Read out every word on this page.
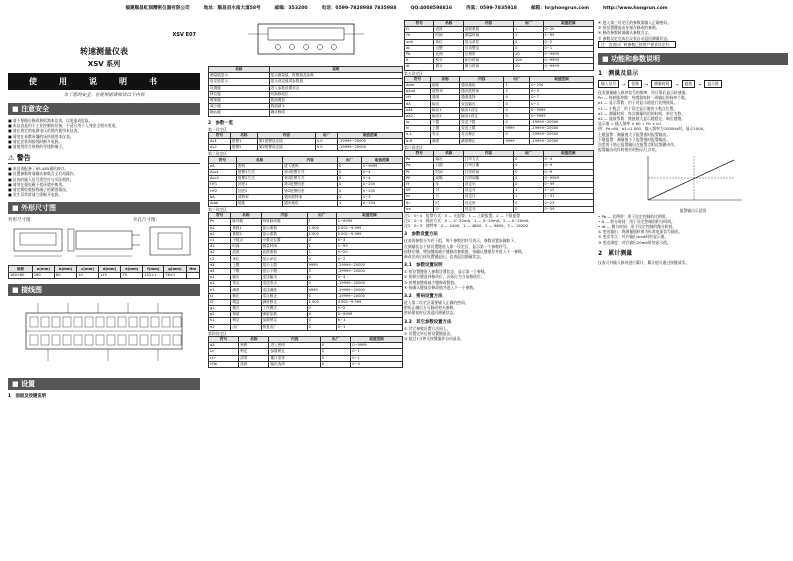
福建顺昌虹润精密仪器有限公司	地址：顺昌县水南大道58号	邮编：353200	电话：0599-7828988 7835988	QQ:4008598816	传真：0599-7835918	邮箱：hr@hongrun.com	http://www.hongrun.com
XSV E07
转速测量仪表
XSV 系列
使用说明书
为了您的安全，在使用前请阅读以下内容
■ 注意安全
■ 请不要擅自修改和拆卸本仪表，以免造成危险。
■ 本仪表是用于工业控制的设备，不适合用于人身安全相关用途。
■ 请在规定的电源电压范围内使用本仪表。
■ 请勿在易燃易爆的场所使用本仪表。
■ 请在安装和接线时断开电源。
■ 请使用符合规格的导线和端子。
⚠ 警告
■ 本仪表配备了RS-485通讯接口。
■ 设置参数时请确认参数含义后再操作。
■ 仪表的输入信号类型应与实际相符。
■ 请勿在强电磁干扰环境中使用。
■ 请定期检查接线端子的紧固情况。
■ 发生异常时请立即断开电源。
■ 外形尺寸图
外形尺寸图：	开孔尺寸图：
规格	a(mm)	b(mm)	c(mm)	d(mm)	e(mm)	f(mm)	g(mm)	Hm
160×80	160	80	10	115	75	152±1	76±1	
■ 接线图
■ 设置
1　面板及按键说明
名称	说明
测量值显示	显示测量值、报警值及参数
设定值显示	显示设定值或参数值
设置键	进入参数设置状态
移位键	切换修改位
增加键	数值增加
减少键	数值减少
确认键	确认修改
2　参数一览
第一设定区
符号	名称	内容	出厂	取值范围
AL1	报警1	第1报警设定值	0.0	-19999~20000
AL2	报警2	第2报警设定值	0.0	-19999~20000
第二设定区
符号	名称	内容	出厂	取值范围
oA	密码	进入密码	0	0~9999
ALo1	报警1方式	第1报警方式	0	0~4
ALo2	报警2方式	第2报警方式	0	0~4
HY1	回差1	第1报警回差	0	0~200
HY2	回差2	第2报警回差	0	0~200
bA	波特率	通讯波特率	2	0~3
Addr	地址	通讯地址	1	0~254
第三设定区
符号	名称	内容	出厂	取值范围
Pn	脉冲数	每转脉冲数	1	1~9999
b1	系数1	显示系数	1.000	0.001~9.999
b2	系数2	显示系数	1.000	0.001~9.999
c1	小数点	小数点位置	0	0~3
d1	时间	测量时间	1	1~99
d2	滤波	滤波系数	1	0~20
c2	单位	显示单位	0	0~2
d3	上限	显示上限	9999	-19999~20000
d4	下限	显示下限	0	-19999~20000
e1	输出	变送输出	0	0~3
e2	零点	变送零点	0	-19999~20000
e3	满度	变送满度	9999	-19999~20000
f1	修正	零点修正	0	-19999~20000
f2	增益	满度修正	1.000	0.001~9.999
g1	模式	工作模式	0	0~2
g2	保留	保留参数	0	0~9999
h1	锁定	参数锁定	0	0~1
h2	出厂	恢复出厂	0	0~1
第四设定区
符号	名称	内容	出厂	取值范围
oA	密码	进入密码	0	0~9999
Lc	锁定	参数锁定	0	0~1
cLr	清零	累计清零	0	0~1
cHo	选择	输出选择	0	0~3
符号	名称	内容	出厂	取值范围
Fi	滤波	滤波系数	1	0~20
Fir	时间	测量时间	1	1~99
unit	单位	显示单位	0	0~2
At	自整	自动整定	0	0~1
Pb	比例	比例带	10	0~9999
It	积分	积分时间	100	0~9999
dt	微分	微分时间	20	0~9999
第五设定区
符号	名称	内容	出厂	取值范围
Addr	地址	通讯地址	1	0~254
bAud	波特率	通讯波特率	2	0~3
cH	通道	通道选择	0	0~7
dA	输出	变送输出	0	0~3
oA1	输出1	输出1设定	0	0~9999
oA2	输出2	输出2设定	0	0~9999
lo	下限	变送下限	0	-19999~20000
hi	上限	变送上限	9999	-19999~20000
b-L	零点	零点修正	0	-19999~20000
b-H	满度	满度修正	9999	-19999~20000
第六设定区
符号	名称	内容	出厂	取值范围
Po	输出	打印方式	0	0~4
Pd	日期	打印日期	0	0~9
Pt	时间	打印时间	0	0~9
PE	间隔	打印间隔	0	0~9999
tY	年	设定年	0	0~99
tM	月	设定月	1	1~12
td	日	设定日	1	1~31
th	时	设定时	0	0~23
tm	分	设定分	0	0~59
注1：0~4　报警方式：0 — 无报警，1 — 上限报警，2 — 下限报警
注2：0~4　输出方式：0 — 4~20mA，1 — 0~10mA，2 — 0~20mA
注3：0~3　波特率：0 — 2400，1 — 4800，2 — 9600，3 — 19200
3　参数设置方法
仪表的参数分为若干组，每个参数用符号表示，参数设置步骤如下。
在测量状态下按设置键进入第一设定区，显示第一个参数符号。
按移位键、增加键或减少键修改参数值，按确认键保存并进入下一参数。
修改完成后按设置键退出，仪表返回测量状态。
3.1　参数设置说明
① 按设置键进入参数设置状态，显示第一个参数。
② 按移位键选择修改位，闪烁位为当前修改位。
③ 按增加键或减少键修改数值。
④ 按确认键保存修改值并进入下一个参数。
3.2　密码设置方法
进入第二设定区需要输入正确的密码。
密码正确后方可修改相关参数。
密码错误时仪表返回测量状态。
3.3　其它参数设置方法
① 其它参数设置方法同上。
② 设置完毕后按设置键退出。
③ 超过1分钟无按键操作自动退出。
④ 进入第三设定区的参数需输入正确密码。
⑤ 按设置键退出并保存修改的参数。
⑥ 修改参数时请确认参数含义。
⑦ 参数设定完成后仪表自动返回测量状态。
注：仪表出厂时参数已按用户要求设定好。
■ 功能和参数说明
1　测量及显示
输入信号	→	倍频	→	测量时间	→	滤波	→	显示值
仪表测量输入脉冲信号的频率，经计算后显示转速值。
Pn — 每转脉冲数：传感器每转一周输出的脉冲个数。
b1 — 显示系数：用于对显示值进行比例换算。
c1 — 小数点：用于设定显示值的小数点位置。
d1 — 测量时间：每次测量所用的时间，单位为秒。
d2 — 滤波系数：数值越大显示越稳定，响应越慢。
显示值 = 输入频率 × 60 ÷ Pn × b1
例：Pn=60，b1=1.000，输入频率为1000Hz时，显示1000。
上限报警：测量值大于报警值时报警输出。
下限报警：测量值小于报警值时报警输出。
回差用于防止报警输出在报警点附近频繁动作。
报警输出动作时相应的指示灯点亮。
报警输出示意图
• Pb — 比例带：用于设定控制的比例带。
• It — 积分时间：用于设定控制的积分时间。
• dt — 微分时间：用于设定控制的微分时间。
① 变送输出：将测量值转换为标准电流信号输出。
② 变送零点：对应输出4mA时的显示值。
③ 变送满度：对应输出20mA时的显示值。
2　累计测量
仪表可对输入脉冲进行累计，累计值可通过按键清零。
